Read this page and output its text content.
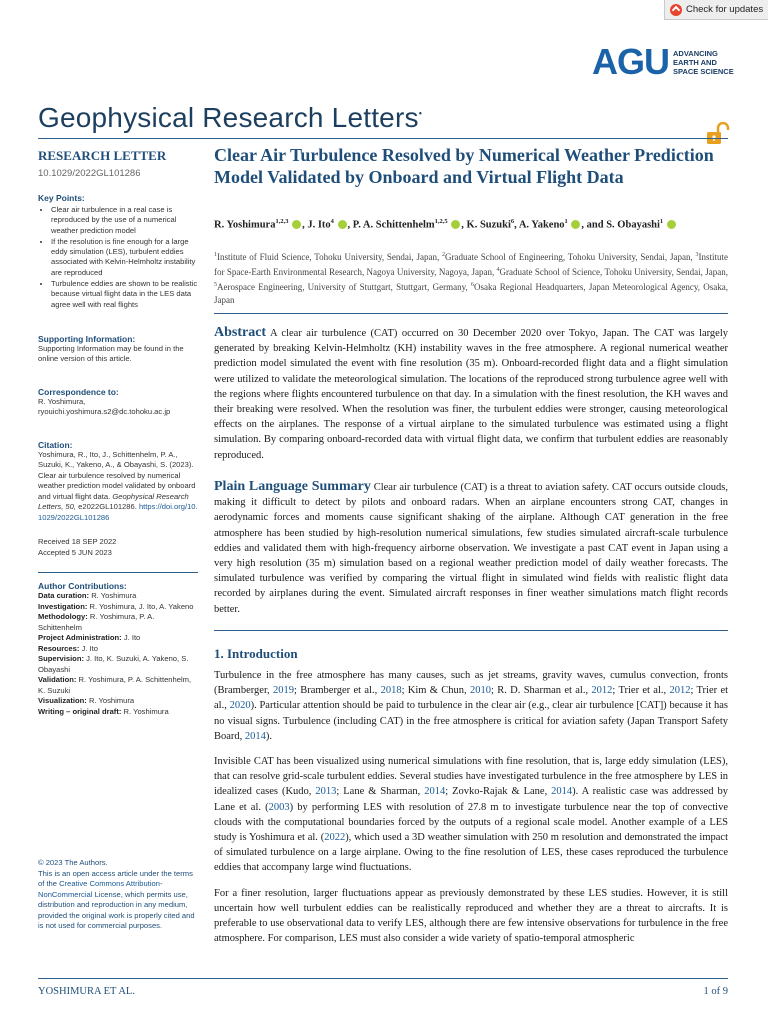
Check for updates
AGU ADVANCING
EARTH AND
SPACE SCIENCE
Geophysical Research Letters•
RESEARCH LETTER
10.1029/2022GL101286
Key Points:
• Clear air turbulence in a real case is reproduced by the use of a numerical weather prediction model
• If the resolution is fine enough for a large eddy simulation (LES), turbulent eddies associated with Kelvin-Helmholtz instability are reproduced
• Turbulence eddies are shown to be realistic because virtual flight data in the LES data agree well with real flights
Supporting Information:
Supporting Information may be found in the online version of this article.
Correspondence to:
R. Yoshimura,
ryouichi.yoshimura.s2@dc.tohoku.ac.jp
Citation:
Yoshimura, R., Ito, J., Schittenhelm, P. A., Suzuki, K., Yakeno, A., & Obayashi, S. (2023). Clear air turbulence resolved by numerical weather prediction model validated by onboard and virtual flight data. Geophysical Research Letters, 50, e2022GL101286. https://doi.org/10.1029/2022GL101286
Received 18 SEP 2022
Accepted 5 JUN 2023
Author Contributions:
Data curation: R. Yoshimura
Investigation: R. Yoshimura, J. Ito, A. Yakeno
Methodology: R. Yoshimura, P. A. Schittenhelm
Project Administration: J. Ito
Resources: J. Ito
Supervision: J. Ito, K. Suzuki, A. Yakeno, S. Obayashi
Validation: R. Yoshimura, P. A. Schittenhelm, K. Suzuki
Visualization: R. Yoshimura
Writing – original draft: R. Yoshimura
© 2023 The Authors.
This is an open access article under the terms of the Creative Commons Attribution-NonCommercial License, which permits use, distribution and reproduction in any medium, provided the original work is properly cited and is not used for commercial purposes.
Clear Air Turbulence Resolved by Numerical Weather Prediction Model Validated by Onboard and Virtual Flight Data
R. Yoshimura$^{1,2,3}$ , J. Ito$^4$ , P. A. Schittenhelm$^{1,2,5}$ , K. Suzuki$^6$, A. Yakeno$^1$ , and S. Obayashi$^1$
$^1$Institute of Fluid Science, Tohoku University, Sendai, Japan, $^2$Graduate School of Engineering, Tohoku University, Sendai, Japan, $^3$Institute for Space-Earth Environmental Research, Nagoya University, Nagoya, Japan, $^4$Graduate School of Science, Tohoku University, Sendai, Japan, $^5$Aerospace Engineering, University of Stuttgart, Stuttgart, Germany, $^6$Osaka Regional Headquarters, Japan Meteorological Agency, Osaka, Japan
Abstract A clear air turbulence (CAT) occurred on 30 December 2020 over Tokyo, Japan. The CAT was largely generated by breaking Kelvin-Helmholtz (KH) instability waves in the free atmosphere. A regional numerical weather prediction model simulated the event with fine resolution (35 m). Onboard-recorded flight data and a flight simulation were utilized to validate the meteorological simulation. The locations of the reproduced strong turbulence agree well with the regions where flights encountered turbulence on that day. In a simulation with the finest resolution, the KH waves and their breaking were resolved. When the resolution was finer, the turbulent eddies were stronger, causing meteorological effects on the airplanes. The response of a virtual airplane to the simulated turbulence was estimated using a flight simulation. By comparing onboard-recorded data with virtual flight data, we confirm that turbulent eddies are reasonably reproduced.
Plain Language Summary Clear air turbulence (CAT) is a threat to aviation safety. CAT occurs outside clouds, making it difficult to detect by pilots and onboard radars. When an airplane encounters strong CAT, changes in aerodynamic forces and moments cause significant shaking of the airplane. Although CAT generation in the free atmosphere has been studied by high-resolution numerical simulations, few studies simulated aircraft-scale turbulence eddies and validated them with high-frequency airborne observation. We investigate a past CAT event in Japan using a very high resolution (35 m) simulation based on a regional weather prediction model of daily weather forecasts. The simulated turbulence was verified by comparing the virtual flight in simulated wind fields with realistic flight data recorded by airplanes during the event. Simulated aircraft responses in finer weather simulations match flight records better.
1. Introduction

Turbulence in the free atmosphere has many causes, such as jet streams, gravity waves, cumulus convection, fronts (Bramberger, 2019; Bramberger et al., 2018; Kim & Chun, 2010; R. D. Sharman et al., 2012; Trier et al., 2012; Trier et al., 2020). Particular attention should be paid to turbulence in the clear air (e.g., clear air turbulence [CAT]) because it has no visual signs. Turbulence (including CAT) in the free atmosphere is critical for aviation safety (Japan Transport Safety Board, 2014).

Invisible CAT has been visualized using numerical simulations with fine resolution, that is, large eddy simulation (LES), that can resolve grid-scale turbulent eddies. Several studies have investigated turbulence in the free atmosphere by LES in idealized cases (Kudo, 2013; Lane & Sharman, 2014; Zovko-Rajak & Lane, 2014). A realistic case was addressed by Lane et al. (2003) by performing LES with resolution of 27.8 m to investigate turbulence near the top of convective clouds with the computational boundaries forced by the outputs of a regional scale model. Another example of a LES study is Yoshimura et al. (2022), which used a 3D weather simulation with 250 m resolution and demonstrated the impact of simulated turbulence on a large airplane. Owing to the fine resolution of LES, these cases reproduced the turbulence eddies that accompany large wind fluctuations.

For a finer resolution, larger fluctuations appear as previously demonstrated by these LES studies. However, it is still uncertain how well turbulent eddies can be realistically reproduced and whether they are a threat to aircrafts. It is preferable to use observational data to verify LES, although there are few intensive observations for turbulence in the free atmosphere. For comparison, LES must also consider a wide variety of spatio-temporal atmospheric

YOSHIMURA ET AL.	1 of 9
